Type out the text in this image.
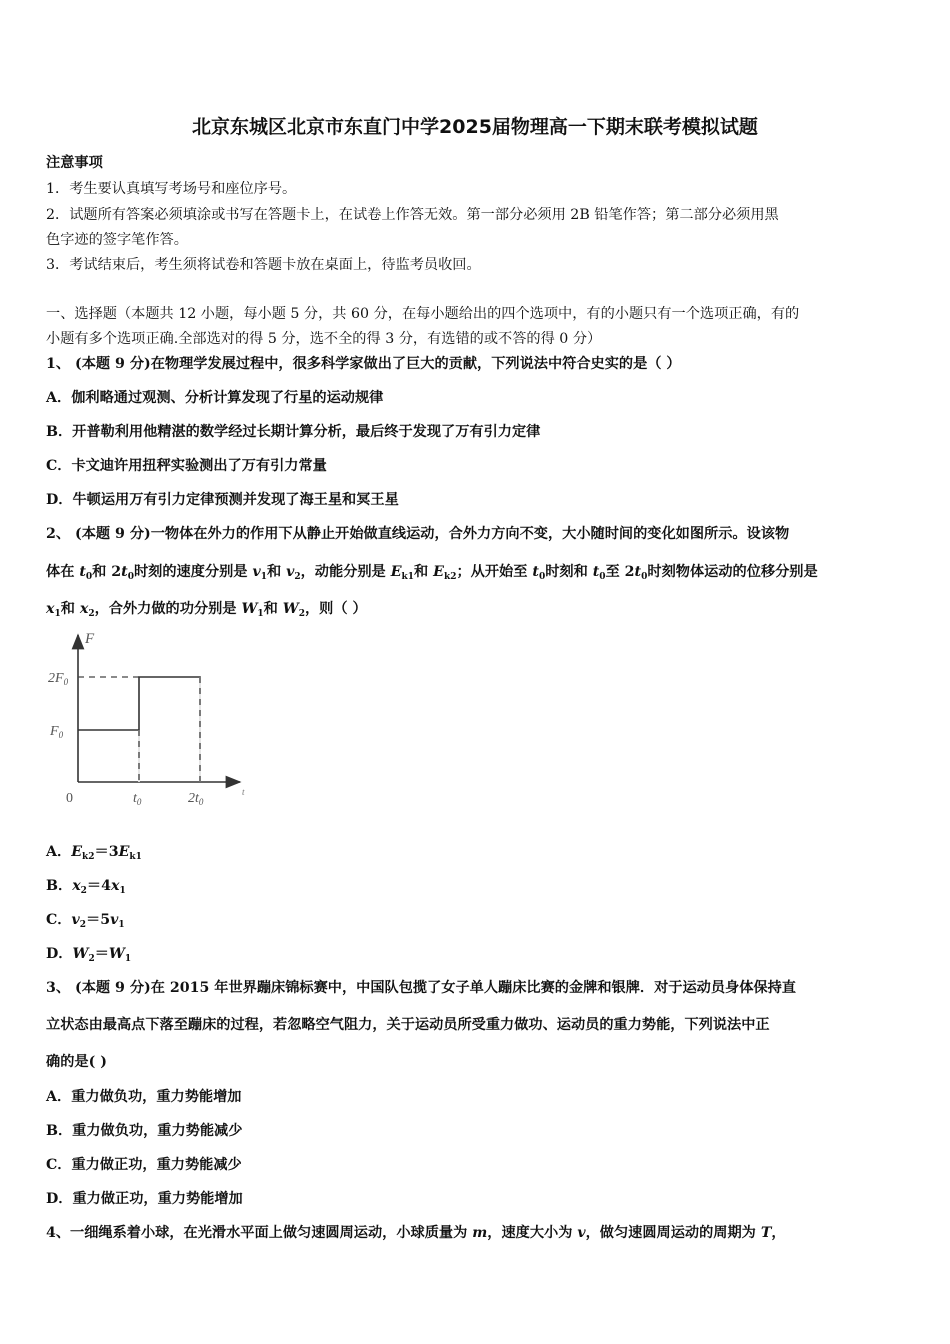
北京东城区北京市东直门中学2025届物理高一下期末联考模拟试题
注意事项
1．考生要认真填写考场号和座位序号。
2．试题所有答案必须填涂或书写在答题卡上，在试卷上作答无效。第一部分必须用 2B 铅笔作答；第二部分必须用黑
色字迹的签字笔作答。
3．考试结束后，考生须将试卷和答题卡放在桌面上，待监考员收回。
一、选择题（本题共 12 小题，每小题 5 分，共 60 分，在每小题给出的四个选项中，有的小题只有一个选项正确，有的
小题有多个选项正确.全部选对的得 5 分，选不全的得 3 分，有选错的或不答的得 0 分）
1、 (本题 9 分)在物理学发展过程中，很多科学家做出了巨大的贡献，下列说法中符合史实的是（ ）
A．伽利略通过观测、分析计算发现了行星的运动规律
B．开普勒利用他精湛的数学经过长期计算分析，最后终于发现了万有引力定律
C．卡文迪许用扭秤实验测出了万有引力常量
D．牛顿运用万有引力定律预测并发现了海王星和冥王星
2、 (本题 9 分)一物体在外力的作用下从静止开始做直线运动，合外力方向不变，大小随时间的变化如图所示。设该物
体在 $t_0$和 $2t_0$时刻的速度分别是 $v_1$和 $v_2$，动能分别是 $E_{k1}$和 $E_{k2}$；从开始至 $t_0$时刻和 $t_0$至 $2t_0$时刻物体运动的位移分别是
$x_1$和 $x_2$，合外力做的功分别是 $W_1$和 $W_2$，则（ ）
F
t
$2F_0$
$F_0$
0	$t_0$	$2t_0$
A．$E_{k2}=3E_{k1}$
B．$x_2=4x_1$
C．$v_2=5v_1$
D．$W_2=W_1$
3、 (本题 9 分)在 2015 年世界蹦床锦标赛中，中国队包揽了女子单人蹦床比赛的金牌和银牌．对于运动员身体保持直
立状态由最高点下落至蹦床的过程，若忽略空气阻力，关于运动员所受重力做功、运动员的重力势能，下列说法中正
确的是( )
A．重力做负功，重力势能增加
B．重力做负功，重力势能减少
C．重力做正功，重力势能减少
D．重力做正功，重力势能增加
4、一细绳系着小球，在光滑水平面上做匀速圆周运动，小球质量为 m，速度大小为 v，做匀速圆周运动的周期为 T，
